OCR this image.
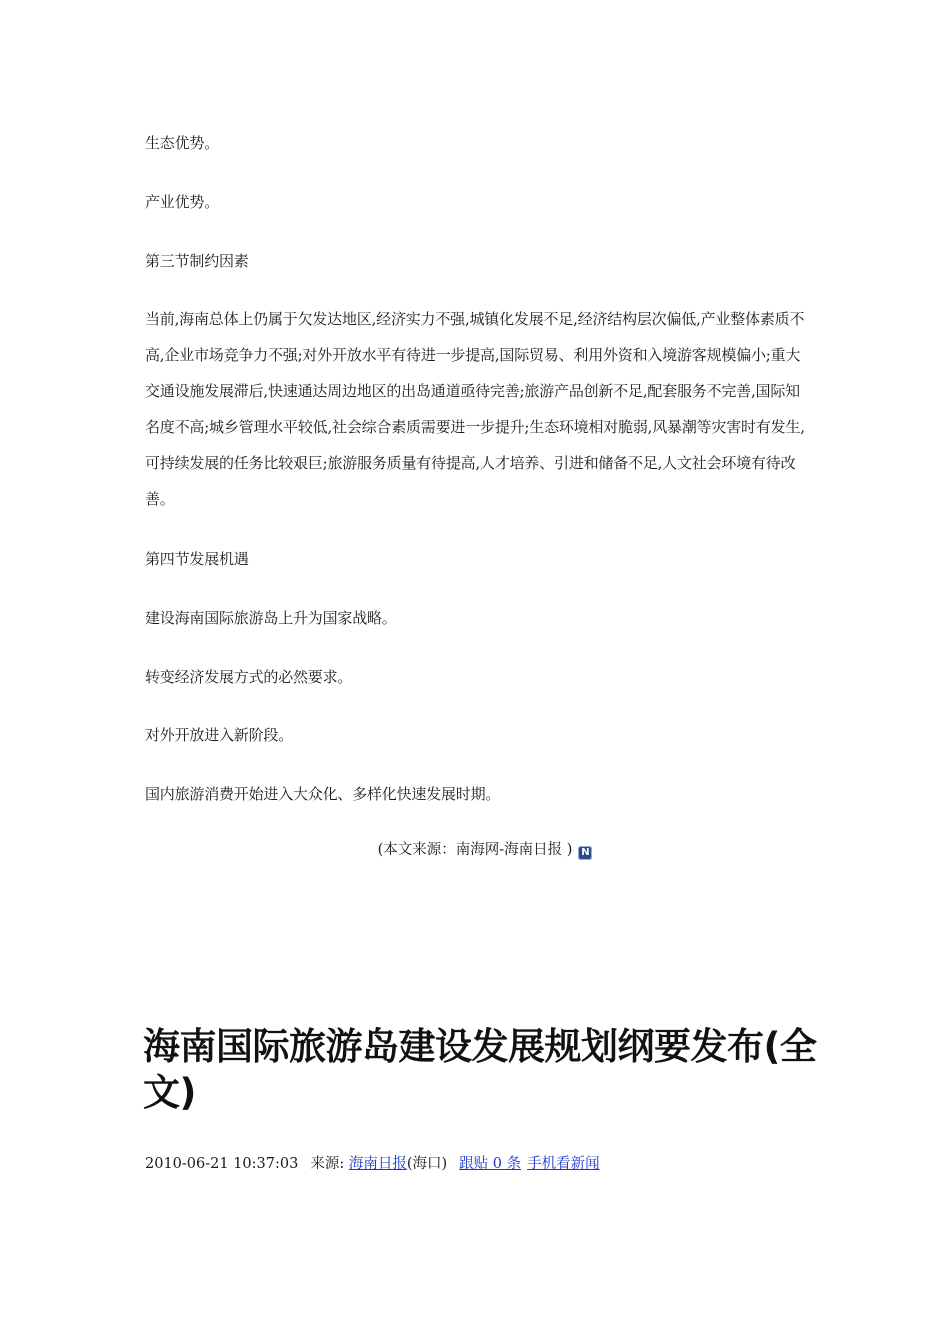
生态优势。

产业优势。

第三节制约因素

当前,海南总体上仍属于欠发达地区,经济实力不强,城镇化发展不足,经济结构层次偏低,产业整体素质不高,企业市场竞争力不强;对外开放水平有待进一步提高,国际贸易、利用外资和入境游客规模偏小;重大交通设施发展滞后,快速通达周边地区的出岛通道亟待完善;旅游产品创新不足,配套服务不完善,国际知名度不高;城乡管理水平较低,社会综合素质需要进一步提升;生态环境相对脆弱,风暴潮等灾害时有发生,可持续发展的任务比较艰巨;旅游服务质量有待提高,人才培养、引进和储备不足,人文社会环境有待改善。

第四节发展机遇

建设海南国际旅游岛上升为国家战略。

转变经济发展方式的必然要求。

对外开放进入新阶段。

国内旅游消费开始进入大众化、多样化快速发展时期。

(本文来源：南海网-海南日报 ) N
海南国际旅游岛建设发展规划纲要发布(全文)
2010-06-21 10:37:03 来源: 海南日报(海口) 跟贴 0 条 手机看新闻
